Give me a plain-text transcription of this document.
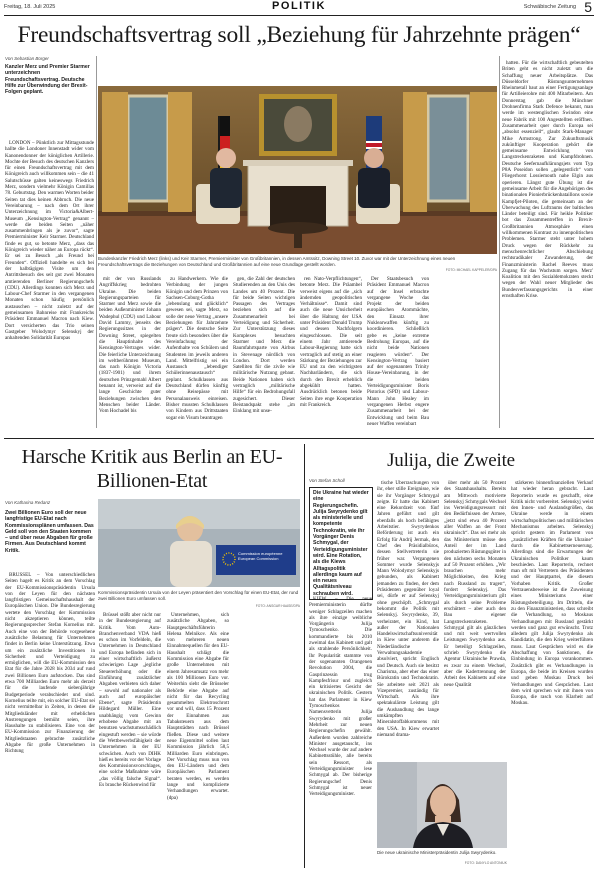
Freitag, 18. Juli 2025	POLITIK	Schwäbische Zeitung 5
Freundschaftsvertrag soll „Beziehung für Jahrzehnte prägen“
Von Sebastian Borger
Kanzler Merz und Premier Starmer unterzeichnen Freundschaftsvertrag. Deutsche Hilfe zur Überwindung der Brexit-Folgen geplant.

LONDON – Pünktlich zur Mittagsstunde hallte die Londoner Innenstadt wider vom Kanonendonner der königlichen Artillerie. Mochte der Besuch des deutschen Kanzlers für einen Freundschaftsvertrag mit dem Königreich auch willkommen sein – die 41 Salutschüsse galten keineswegs Friedrich Merz, sondern vielmehr Königin Camillas 78. Geburtstag. Den warmen Worten beider Seiten tat dies keinen Abbruch. Die neue Vereinbarung – nach dem Ort ihrer Unterzeichnung im Victoria&Albert-Museum „Kensington-Vertrag“ genannt – werde die beiden Seiten „näher zusammenbringen als je zuvor“, sagte Premierminister Keir Starmer. Deutschland finde es gut, so betonte Merz, „dass das Königreich wieder näher an Europa rückt“. Er sei zu Besuch „als Freund bei Freunden“. Offiziell handelte es sich bei der halbtägigen Visite um den Antrittsbesuch des seit gut zwei Monaten amtierenden Berliner Regierungschefs (CDU). Allerdings konnten sich Merz und Labour-Chef Starmer in den vergangenen Monaten schon häufig persönlich austauschen – nicht zuletzt auf der gemeinsamen Bahnreise mit Frankreichs Präsident Emmanuel Macron nach Kiew. Dort versicherten das Trio seinen Gastgeber Wolodymyr Selenskyj der anhaltenden Solidarität Europas

Bundeskanzler Friedrich Merz (links) und Keir Starmer, Premierminister von Großbritannien, in dessen Amtssitz, Downing Street 10. Zuvor war mit der Unterzeichnung eines neuen Freundschaftsvertrags die Beziehungen von Deutschland und Großbritannien auf eine neue Grundlage gestellt worden.
FOTO: MICHAEL KAPPELER/DPA

mit der von Russlands Angriffskrieg bedrohten Ukraine. Die beiden Regierungsparteien für Starmer und Merz sowie die beiden Außenminister Johann Wadephul (CDU) und Labour David Lammy, jenseits des Regierungssitzes in der Downing Street, spiegelten die Hauptinhalte des Kensington-Vertrages wider. Die feierliche Unterzeichnung im weltberühmten Museum, das nach Königin Victoria (1837-1901) und ihrem deutschen Prinzgemahl Albert benannt ist, verweist auf die lange Geschichte guter Beziehungen zwischen den Menschen beider Länder. Vom Hochadel bis

zu Handwerkern. Wie die Verbindung der jungen Königin und dem Prinzen von Sachsen-Coburg-Gotha „lebenslang und glücklich“ gewesen sei, sagte Merz, so solle der neue Vertrag „unsere Beziehungen für Jahrzehnte prägen“. Die deutsche Seite freute sich besonders über die Vereinfachung der Aufenthalte von Schülern und Studenten im jeweils anderen Land. Mittelfristig sei ein Austausch „lebendiger Schülerinnenaustausch“ geplant. Schulklassen aus Deutschland dürfen künftig ohne Reisepässe mit Personalausweis einreisen. Bisher mussten Schulklassen von Kindern aus Drittstaaten sogar ein Visum beantragen

gen, die Zahl der deutschen Studierenden an den Unis des Landes um 40 Prozent. Die für beide Seiten wichtigen Passagen des Vertrages beziehen sich auf die Zusammenarbeit bei Verteidigung und Sicherheit. Zur Unterstützung dieses Komplexes besuchten Starmer und Merz die Raumfahrtsparte von Airbus in Stevenage nördlich von London. Dort werden Satelliten für die zivile wie militärische Nutzung gebaut. Beide Nationen haben sich vertraglich „militärische Hilfe“ für ein Bedrohungsfall zugesichert. Dieser Beistandspakt stehe „im Einklang mit unse-

ren Nato-Verpflichtungen“, betonte Merz. Die Präambel verweist eigens auf die „sich ändernden geopolitischen Verhältnisse“. Damit sind auch die neue Unsicherheit über die Haltung der USA unter Präsident Donald Trump und dessen Nachfolgern eingeschlossen. Die seit einem Jahr amtierende Labour-Regierung hatte sich vertraglich auf stetig an einer Stärkung der Beziehungen zur EU und zu den wichtigsten Nachbarländern, die sich durch den Brexit erheblich abgekühlt hatten. Ausdrücklich betonen beide Seiten ihre enge Kooperation mit Frankreich.

Der Staatsbesuch von Präsident Emmanuel Macron auf der Insel erbrachte vergangene Woche das Projekt der beiden europäischen Atommächte, den Einsatz ihrer Nuklearwaffen künftig zu koordinieren. Schließlich gebe es „keine extreme Bedrohung Europas, auf die nicht beide Nationen reagieren würden“. Der Kensington-Vertrag basiert auf der sogenannten Trinity House-Vereinbarung, in der die beiden Verteidigungsminister Boris Pistorius (SPD) und Labour-Mann John Healey im vergangenen Herbst engere Zusammenarbeit bei der Entwicklung und beim Bau neuer Waffen vereinbart

hatten. Für die wirtschaftlich gebeutelten Briten geht es nicht zuletzt um die Schaffung neuer Arbeitsplätze. Das Düsseldorfer Rüstungsunternehmen Rheinmetall baut an einer Fertigungsanlage für Artilleierohre mit 400 Mitarbeitern. Am Donnerstag gab die Münchner Drohnenfirma Stark Defence bekannt, man werde im westenglischen Swindon eine neue Fabrik mit 100 Angestellten eröffnen. Zusammenarbeit quer durch Europa sei „absolut essenziell“, glaubt Stark-Manager Mike Armstrong. Zur Zukunftsmusik zukünftiger Kooperation gehört die gemeinsame Entwicklung von Langstreckenraketen und Kampfdrohnen. Deutsche Seefernaufklärungsjets vom Typ P8A Poseidon sollen „gelegentlich“ vom Fliegerhorst Lossiemouth nahe Elgin aus operieren. Längst gute Übung ist die gemeinsame Arbeit für die Angehörigen des binationalen Pionierbrückenbataillons sowie Kampfjet-Piloten, die gemeinsam an der Überwachung des Luftraums der baltischen Länder beteiligt sind. Für heikle Politiker bot das Zusammentreffen in Brexit-Großbritannien Atmosphäre einen willkommenen Kontrast zu innenpolitischen Problemen. Starmer steht unter hohem Druck wegen der Rückkehr zu menschenrechtlicher Abschiebung rechtsradikaler Zuwanderung, der Finanzministerin Rachel Reeves muss Zugang für das Wachstum sorgen. Merz' Koalition mit den Sozialdemokraten steckt wegen der Wahl neuer Mitglieder des Bundesverfassungsgerichts in einer ernsthaften Krise.

Harsche Kritik aus Berlin an EU-Billionen-Etat
Von Katharina Redanz
Zwei Billionen Euro soll der neue langfristige EU-Etat nach Kommissionsplänen umfassen. Das Geld soll von den Staaten kommen – und über neue Abgaben für große Firmen. Aus Deutschland kommt Kritik.

BRÜSSEL – Von unterschiedlichen Seiten hagelt es Kritik an dem Vorschlag der EU-Kommissionspräsidentin Ursula von der Leyen für den nächsten langfristigen Gemeinschaftshaushalt der Europäischen Union. Die Bundesregierung wertete den Vorschlag der Kommission nicht akzeptieren können, teilte Regierungssprecher Stefan Kornelius mit. Auch eine von der Behörde vorgesehene zusätzliche Belastung für Unternehmen findet in Berlin keine Unterstützung. Etwa um ein zusätzliche Investitionen in Sicherheit und Verteidigung zu ermöglichen, will die EU-Kommission den Etat für die Jahre 2028 bis 2034 auf rund zwei Billionen Euro aufstocken. Das sind etwa 700 Milliarden Euro mehr als derzeit für die laufende siebenjährige Budgetperiode verabschiedet und sind. Kornelius teilte mit, ein solcher EU-Etat sei nicht vermittelbar in Zeiten, in denen die Mitgliedsländer mit erheblichen Anstrengungen bemüht seien, ihre Haushalte zu stabilisieren. Eine von der EU-Kommission zur Finanzierung der Mitgliedstaaten gebrachte zusätzliche Abgabe für große Unternehmen in Richtung

Commission européenne
European Commission
Kommissionspräsidentin Ursula von der Leyen präsentiert den Vorschlag für einen EU-Etat, der rund zwei Billionen Euro umfassen soll.
FOTO: ANSGAR HAASE/DPA

Brüssel stößt aber nicht nur in der Bundesregierung auf Kritik. Vom Auto-Branchenverband VDA hieß es schon im Vorfeldeln, die Unternehmen in Deutschland und Europa befänden sich in einer wirtschaftlich äußerst schwierigen Lage „jegliche Steuererhöhung oder die Einführung zusätzlicher Abgaben verbieten sich daher – sowohl auf nationaler als auch auf europäischer Ebene“, sagte Präsidentin Hildegard Müller. Eine unabhängig vom Gewinn erhobene Abgabe mit an benutzen wachstumsschädlich eingestuft werden – sie würde die Wettbewerbsfähigkeit der Unternehmen in der EU schwächen. Auch von DIHK hieß es bereits vor der Vorlage des Kommissionsvorschlages, eine solche Maßnahme wäre „das völlig falsche Signal“. Es brauche Rückenwind für

Unternehmen, sich zusätzliche Abgaben, so Hauptgeschäftsführerin Helena Melnikov. Als eine von mehreren neuen Einnahmequellen für den EU-Haushalt schlägt die Kommission eine Abgabe für große Unternehmen mit einem Jahresumsatz von mehr als 100 Millionen Euro vor. Weiterhin sieht die Brüsseler Behörde eine Abgabe auf nicht für das Recycling gesammelten Elektroschrott vor und will, dass 15 Prozent der Einnahmen aus Tabaksteuern aus dem Hauptstädten nach Brüssel fließen. Diese und weitere neue Eigenmittel sollen laut Kommission jährlich 58,5 Milliarden Euro einbringen. Der Vorschlag muss nun von den EU-Ländern und dem Europäischen Parlament beraten werden, es werden lange und komplizierte Verhandlungen erwartet. (dpa)

Julija, die Zweite
Von Stefan Scholl
Die Ukraine hat wieder eine Regierungschefin. Julija Swyrydenko gilt als ministerielle und kompetente Technokratin, wie ihr Vorgänger Denis Schmygal, der Verteidigungsminister wird. Eine Rotation, als die Kiews Alltagspolitik allerdings kaum auf ein neues Qualitätsniveau schrauben wird.

KIEW – Die neue Premierministerin dürfte weniger Schlagzeilen machen als ihre einzige weibliche Vorgängerin Julija Tymoschenko. Die kommandierte bis 2010 zweimal das Kabinett und galt als strahlende Persönlichkeit. Ihr Popularität stammte von der sogenannten Orangenen Revolution 2004, die Gasprinzessin trug Kampfesfrisur und zugleich ein kritisiertes Gesicht der ukrainischen Politik. Gestern hat das Parlament in Kiew Tymoschenkos Namensvetterin Julija Swyrydenko mit großer Mehrheit zur neuen Regierungschefin gewählt. Außerdem wurden zahlreiche Minister ausgetauscht, ins Wechsel wurde der auf andere Kabinettsstühle, alle bereits sein Ressort, als Verteidigungsminister lese Schmygal ab. Der bisherige Regierungschef Denis Schmygal ist neuer Verteidigungsminister.

tische Überraschungen von ihr, eher stille Ereignisse, wie sie ihr Vorgänger Schmygal zeigte. Er hatte das Kabinett eine Rekordzeit von fünf Jahren geführt und gilt ebenfalls als hoch befähigtes Arbeitstier. Swyrydenkos Beförderung ist auch ein Erfolg für Andrij Jermak, den Chef des Präsidialbüros, dessen Stellvertreterin sie früher war. Vergangenen Sommer wurde Selenskyjs Mann Wolodymyr Selenskyjs gebunden, als Kabinett jemanden zu finden, der dem Präsidenten gegenüber loyal sei, dürfe er auf Selenskyj ohne geschöpft. „Schmygal bekommt die Politik mit Selenskyj. Swyrydenko, 39, verheiratet, ein Kind, hat außer der Nationalen Handelswirtschaftsuniversität in Kiew unter anderem die Niederländische Verwaltungsakademie absolviert, spricht Englisch und Deutsch. Auch sie besitzt Charisma, aber eher das einer Bürokratin und Technokratin. Sie arbeitete seit 2021 als Vizepremier, zuständig für Wirtschaft. Als ihre spektakulärste Leistung gilt die Aushandlung des lange umkämpften Mineralstoffabkommens mit den USA. In Kiew erwartet niemand drama-

über mehr als 50 Prozent des Staatshaushalts. Bereits am Mittwoch motivierte Selenskyj Schmygals Wechsel ins Verteidigungsressort mit den Bedürfnissen der Armee, „jetzt sind etwa 40 Prozent aller Waffen an der Front ukrainisch“. Das sei mehr als das Ministerium müsse den Anteil der im Land produzierten Rüstungsgüter in den nächsten sechs Monaten auf 50 Prozent erhöhen. „Wir brauchen mehr Möglichkeiten, den Krieg nach Russland zu tragen“, fordert Selenskyj. Das Verteidigungsministerium gilt als durch seine Probleme erschüttert – aber auch den Bau eigener Langstreckenraketen. Schmygal gilt als gänzlichen und mit weit wertvollen Leistungen Swyrydenko aus. Er beteiligt Schlagzeilen, schrieb Swyrydenko die Agentur Ukrainische Prawda, es zwar zu einem Wechsel, aber die Kadertrennung der Arbeit des Kabinetts auf eine neue Qualität

stärkeren binnenfinanziellen Verkauf hat wieder heran gebracht. Laut Reporterin wurde es geschafft, eine Kritik nicht vorbereitet. Selenskyj weist den Innen- und Auslandsgrößen, das Ukraine werde in einem wirtschaftspolitischen und militärischen Mechanismus arbeiten. Selenskyj spricht gestern im Parlament von „zusätzlichen Kräften für die Ukraine“ durch die Kabinettserneuerung. Allerdings sind die Erwartungen der Ukrainischen Politiker kaum beschieden. Laut Reporterin, rechnet man oft mit Vertretern des Präsidenten und der Hauptpartei, die diesem Vorhaben Kritik. Großer Vertrauensbeweise ist die Zuweisung eines Ministeriums einer Rüstungsbeteiligung. Im Dritteln, die zu den Finanzministerien, dass schreibt die Verhandlung, so Moskaus Verhandlungen mit Russland gestärkt werden und ganz gut erwünscht. Trotz alledem gilt Julija Swyrydenko als Kandidatin, die den Krieg weiterführen muss. Laut Gesprächen wird es die Abschaffung von Sanktionen, die Einbindung in Europa vorankommen. Zusätzlich gibt es Verhandlungen in Europa, die beide im Kreisen wurden und geben Moskau Druck bei Verhandlungen und Gesprächen. Laut dem wird sprechen wir mit ihnen von Europa, die rasch von Klarheit auf Moskau.

Die neue ukrainische Ministerpräsidentin Julija Swyrydenko.
FOTO: DANYLO ANTONIUK
